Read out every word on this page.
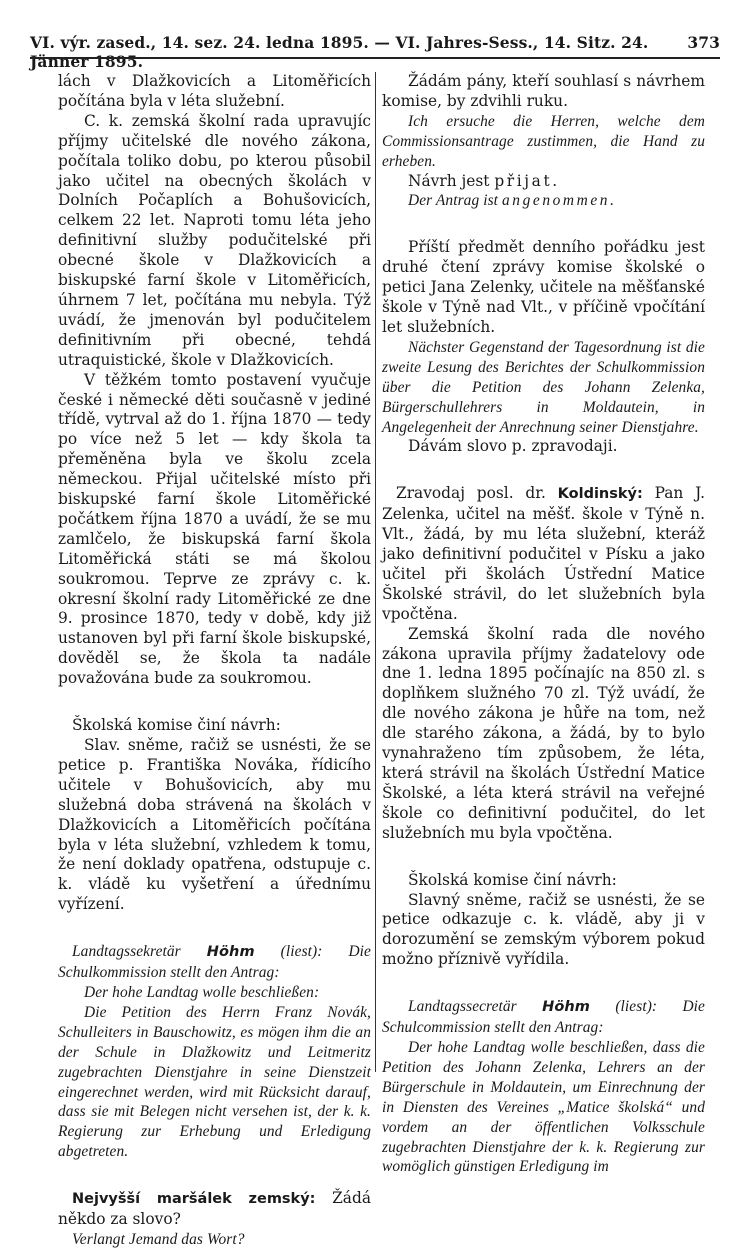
VI. výr. zased., 14. sez. 24. ledna 1895. — VI. Jahres-Sess., 14. Sitz. 24. Jänner 1895.
373

lách v Dlažkovicích a Litoměřicích počítána byla v léta služební.

C. k. zemská školní rada upravujíc příjmy učitelské dle nového zákona, počítala toliko dobu, po kterou působil jako učitel na obecných školách v Dolních Počaplích a Bohušovicích, celkem 22 let. Naproti tomu léta jeho definitivní služby podučitelské při obecné škole v Dlažkovicích a biskupské farní škole v Litoměřicích, úhrnem 7 let, počítána mu nebyla. Týž uvádí, že jmenován byl podučitelem definitivním při obecné, tehdá utraquistické, škole v Dlažkovicích.

V těžkém tomto postavení vyučuje české i německé děti současně v jediné třídě, vytrval až do 1. října 1870 — tedy po více než 5 let — kdy škola ta přeměněna byla ve školu zcela německou. Přijal učitelské místo při biskupské farní škole Litoměřické počátkem října 1870 a uvádí, že se mu zamlčelo, že biskupská farní škola Litoměřická státi se má školou soukromou. Teprve ze zprávy c. k. okresní školní rady Litoměřické ze dne 9. prosince 1870, tedy v době, kdy již ustanoven byl při farní škole biskupské, dověděl se, že škola ta nadále považována bude za soukromou.

Školská komise činí návrh:

Slav. sněme, račiž se usnésti, že se petice p. Františka Nováka, řídicího učitele v Bohušovicích, aby mu služebná doba strávená na školách v Dlažkovicích a Litoměřicích počítána byla v léta služební, vzhledem k tomu, že není doklady opatřena, odstupuje c. k. vládě ku vyšetření a úřednímu vyřízení.

Landtagssekretär Höhm (liest): Die Schulkommission stellt den Antrag:

Der hohe Landtag wolle beschließen:

Die Petition des Herrn Franz Novák, Schulleiters in Bauschowitz, es mögen ihm die an der Schule in Dlažkowitz und Leitmeritz zugebrachten Dienstjahre in seine Dienstzeit eingerechnet werden, wird mit Rücksicht darauf, dass sie mit Belegen nicht versehen ist, der k. k. Regierung zur Erhebung und Erledigung abgetreten.

Nejvyšší maršálek zemský: Žádá někdo za slovo?

Verlangt Jemand das Wort?

Žádám pány, kteří souhlasí s návrhem komise, by zdvihli ruku.

Ich ersuche die Herren, welche dem Commissionsantrage zustimmen, die Hand zu erheben.

Návrh jest přijat.

Der Antrag ist angenommen.

Příští předmět denního pořádku jest druhé čtení zprávy komise školské o petici Jana Zelenky, učitele na měšťanské škole v Týně nad Vlt., v příčině vpočítání let služebních.

Nächster Gegenstand der Tagesordnung ist die zweite Lesung des Berichtes der Schulkommission über die Petition des Johann Zelenka, Bürgerschullehrers in Moldautein, in Angelegenheit der Anrechnung seiner Dienstjahre.

Dávám slovo p. zpravodaji.

Zravodaj posl. dr. Koldinský: Pan J. Zelenka, učitel na měšť. škole v Týně n. Vlt., žádá, by mu léta služební, kteráž jako definitivní podučitel v Písku a jako učitel při školách Ústřední Matice Školské strávil, do let služebních byla vpočtěna.

Zemská školní rada dle nového zákona upravila příjmy žadatelovy ode dne 1. ledna 1895 počínajíc na 850 zl. s doplňkem služného 70 zl. Týž uvádí, že dle nového zákona je hůře na tom, než dle starého zákona, a žádá, by to bylo vynahraženo tím způsobem, že léta, která strávil na školách Ústřední Matice Školské, a léta která strávil na veřejné škole co definitivní podučitel, do let služebních mu byla vpočtěna.

Školská komise činí návrh:

Slavný sněme, račiž se usnésti, že se petice odkazuje c. k. vládě, aby ji v dorozumění se zemským výborem pokud možno příznivě vyřídila.

Landtagssecretär Höhm (liest): Die Schulcommission stellt den Antrag:

Der hohe Landtag wolle beschließen, dass die Petition des Johann Zelenka, Lehrers an der Bürgerschule in Moldautein, um Einrechnung der in Diensten des Vereines „Matice školská“ und vordem an der öffentlichen Volksschule zugebrachten Dienstjahre der k. k. Regierung zur womöglich günstigen Erledigung im
